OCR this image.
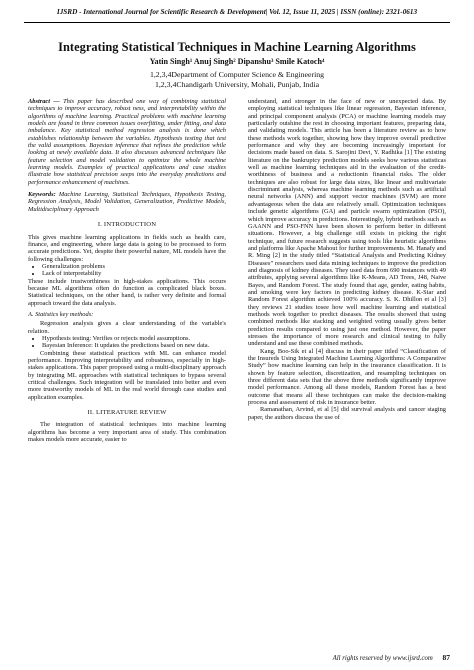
IJSRD - International Journal for Scientific Research & Development| Vol. 12, Issue 11, 2025 | ISSN (online): 2321-0613
Integrating Statistical Techniques in Machine Learning Algorithms
Yatin Singh¹ Anuj Singh² Dipanshu³ Smile Katoch⁴
1,2,3,4Department of Computer Science & Engineering
1,2,3,4Chandigarh University, Mohali, Punjab, India

Abstract — This paper has described one way of combining statistical techniques to improve accuracy, robust ness, and interpretability within the algorithms of machine learning. Practical problems with machine learning models are found in three common issues overfitting, under fitting, and data imbalance. Key statistical method regression analysis is done which establishes relationship between the variables. Hypothesis testing that test the valid assumptions. Bayesian inference that refines the prediction while looking at newly available data. It also discusses advanced techniques like feature selection and model validation to optimize the whole machine learning models. Examples of practical applications and case studies illustrate how statistical precision seeps into the everyday predictions and performance enhancement of machines.

Keywords: Machine Learning, Statistical Techniques, Hypothesis Testing, Regression Analysis, Model Validation, Generalization, Predictive Models, Multidisciplinary Approach

I. INTRODUCTION

This gives machine learning applications in fields such as health care, finance, and engineering, where large data is going to be processed to form accurate predictions. Yet, despite their powerful nature, ML models have the following challenges:

• Generalization problems
• Lack of interpretability

These include trustworthiness in high-stakes applications. This occurs because ML algorithms often do function as complicated black boxes. Statistical techniques, on the other hand, is rather very definite and formal approach toward the data analysis.

A. Statistics key methods:

Regression analysis gives a clear understanding of the variable's relation.

• Hypothesis testing: Verifies or rejects model assumptions.
• Bayesian Inference: It updates the predictions based on new data.

Combining these statistical practices with ML can enhance model performance. Improving interpretability and robustness, especially in high-stakes applications. This paper proposed using a multi-disciplinary approach by integrating ML approaches with statistical techniques to bypass several critical challenges. Such integration will be translated into better and even more trustworthy models of ML in the real world through case studies and application examples.

II. LITERATURE REVIEW

The integration of statistical techniques into machine learning algorithms has become a very important area of study. This combination makes models more accurate, easier to

understand, and stronger in the face of new or unexpected data. By employing statistical techniques like linear regression, Bayesian inference, and principal component analysis (PCA) or machine learning models may particularly outshine the rest in choosing important features, preparing data, and validating models. This article has been a literature review as to how these methods work together, showing how they improve overall predictive performance and why they are becoming increasingly important for decisions made based on data. S. Sarojini Devi, Y. Radhika [1] The existing literature on the bankruptcy prediction models seeks how various statisticas well as machine learning techniques aid in the evaluation of the credit-worthiness of business and a reductionin financial risks. The older techniques are also robust for large data sizes, like linear and multivariate discriminant analysis, whereas machine learning methods such as artificial neural networks (ANN) and support vector machines (SVM) are more advantageous when the data are relatively small. Optimization techniques include genetic algorithms (GA) and particle swarm optimization (PSO), which improve accuracy in predictions. Interestingly, hybrid methods such as GAANN and PSO-FNN have been shown to perform better in different situations. However, a big challenge still exists in picking the right technique, and future research suggests using tools like heuristic algorithms and platforms like Apache Mahout for further improvements. M. Hanafy and R. Ming [2] in the study titled “Statistical Analysis and Predicting Kidney Diseases” researchers used data mining techniques to improve the prediction and diagnosis of kidney diseases. They used data from 690 instances with 49 attributes, applying several algorithms like K-Means, AD Trees, J48, Naive Bayes, and Random Forest. The study found that age, gender, eating habits, and smoking were key factors in predicting kidney disease. K-Star and Random Forest algorithm achieved 100% accuracy. S. K. Dhillon et al [3] they reviews 21 studies tosee how well machine learning and statistical methods work together to predict diseases. The results showed that using combined methods like stacking and weighted voting usually gives better prediction results compared to using just one method. However, the paper stresses the importance of more research and clinical testing to fully understand and use these combined methods.

Kang, Boo-Sik et al [4] discuss in their paper titled “Classification of the Insureds Using Integrated Machine Learning Algorithms: A Comparative Study” how machine learning can help in the insurance classification. It is shown by feature selection, discretization, and resampling techniques on three different data sets that the above three methods significantly improve model performance. Among all these models, Random Forest has a best outcome that means all these techniques can make the decision-making process and assessment of risk in insurance better.

Ramanathan, Arvind, et al [5] did survival analysis and cancer staging paper, the authors discuss the use of

All rights reserved by www.ijsrd.com 87
